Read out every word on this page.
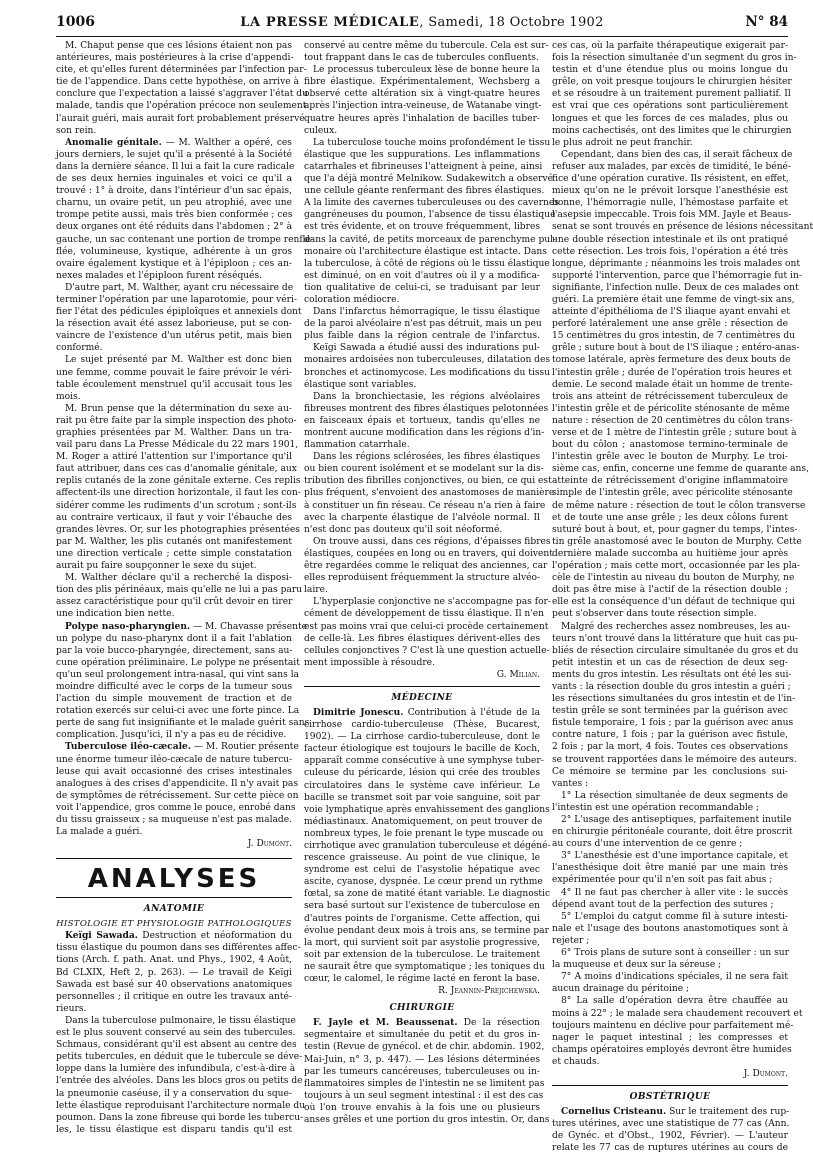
1006	LA PRESSE MÉDICALE, Samedi, 18 Octobre 1902	N° 84
M. Chaput pense que ces lésions étaient non pas
antérieures, mais postérieures à la crise d'appendi-
cite, et qu'elles furent déterminées par l'infection par-
tie de l'appendice. Dans cette hypothèse, on arrive à
conclure que l'expectation a laissé s'aggraver l'état du
malade, tandis que l'opération précoce non seulement
l'aurait guéri, mais aurait fort probablement préservé
son rein.
Anomalie génitale. — M. Walther a opéré, ces
jours derniers, le sujet qu'il a présenté à la Société
dans la dernière séance. Il lui a fait la cure radicale
de ses deux hernies inguinales et voici ce qu'il a
trouvé : 1° à droite, dans l'intérieur d'un sac épais,
charnu, un ovaire petit, un peu atrophié, avec une
trompe petite aussi, mais très bien conformée ; ces
deux organes ont été réduits dans l'abdomen ; 2° à
gauche, un sac contenant une portion de trompe renfle-
flée, volumineuse, kystique, adhérente à un gros
ovaire également kystique et à l'épiploon ; ces an-
nexes malades et l'épiploon furent réséqués.
D'autre part, M. Walther, ayant cru nécessaire de
terminer l'opération par une laparotomie, pour véri-
fier l'état des pédicules épiploïques et annexiels dont
la résection avait été assez laborieuse, put se con-
vaincre de l'existence d'un utérus petit, mais bien
conformé.
Le sujet présenté par M. Walther est donc bien
une femme, comme pouvait le faire prévoir le véri-
table écoulement menstruel qu'il accusait tous les
mois.
M. Brun pense que la détermination du sexe au-
rait pu être faite par la simple inspection des photo-
graphies présentées par M. Walther. Dans un tra-
vail paru dans La Presse Médicale du 22 mars 1901,
M. Roger a attiré l'attention sur l'importance qu'il
faut attribuer, dans ces cas d'anomalie génitale, aux
replis cutanés de la zone génitale externe. Ces replis
affectent-ils une direction horizontale, il faut les con-
sidérer comme les rudiments d'un scrotum ; sont-ils
au contraire verticaux, il faut y voir l'ébauche des
grandes lèvres. Or, sur les photographies présentées
par M. Walther, les plis cutanés ont manifestement
une direction verticale ; cette simple constatation
aurait pu faire soupçonner le sexe du sujet.
M. Walther déclare qu'il a recherché la disposi-
tion des plis périnéaux, mais qu'elle ne lui a pas paru
assez caractéristique pour qu'il crût devoir en tirer
une indication bien nette.
Polype naso-pharyngien. — M. Chavasse présente
un polype du naso-pharynx dont il a fait l'ablation
par la voie bucco-pharyngée, directement, sans au-
cune opération préliminaire. Le polype ne présentait
qu'un seul prolongement intra-nasal, qui vint sans la
moindre difficulté avec le corps de la tumeur sous
l'action du simple mouvement de traction et de
rotation exercés sur celui-ci avec une forte pince. La
perte de sang fut insignifiante et le malade guérit sans
complication. Jusqu'ici, il n'y a pas eu de récidive.
Tuberculose iléo-cæcale. — M. Routier présente
une énorme tumeur iléo-cæcale de nature tubercu-
leuse qui avait occasionné des crises intestinales
analogues à des crises d'appendicite. Il n'y avait pas
de symptômes de rétrécissement. Sur cette pièce on
voit l'appendice, gros comme le pouce, enrobé dans
du tissu graisseux ; sa muqueuse n'est pas malade.
La malade a guéri.
J. Dumont.
ANALYSES
ANATOMIE
HISTOLOGIE ET PHYSIOLOGIE PATHOLOGIQUES
Keïgi Sawada. Destruction et néoformation du
tissu élastique du poumon dans ses différentes affec-
tions (Arch. f. path. Anat. und Phys., 1902, 4 Août,
Bd CLXIX, Heft 2, p. 263). — Le travail de Keïgi
Sawada est basé sur 40 observations anatomiques
personnelles ; il critique en outre les travaux anté-
rieurs.
Dans la tuberculose pulmonaire, le tissu élastique
est le plus souvent conservé au sein des tubercules.
Schmaus, considérant qu'il est absent au centre des
petits tubercules, en déduit que le tubercule se déve-
loppe dans la lumière des infundibula, c'est-à-dire à
l'entrée des alvéoles. Dans les blocs gros ou petits de
la pneumonie caséuse, il y a conservation du sque-
lette élastique reproduisant l'architecture normale du
poumon. Dans la zone fibreuse qui borde les tubercu-
les, le tissu élastique est disparu tandis qu'il est
conservé au centre même du tubercule. Cela est sur-
tout frappant dans le cas de tubercules confluents.
Le processus tuberculeux lèse de bonne heure la
fibre élastique. Expérimentalement, Wechsberg a
observé cette altération six à vingt-quatre heures
après l'injection intra-veineuse, de Watanabe vingt-
quatre heures après l'inhalation de bacilles tuber-
culeux.
La tuberculose touche moins profondément le tissu
élastique que les suppurations. Les inflammations
catarrhales et fibrineuses l'atteignent à peine, ainsi
que l'a déjà montré Melnikow. Sudakewitch a observé
une cellule géante renfermant des fibres élastiques.
A la limite des cavernes tuberculeuses ou des cavernes
gangréneuses du poumon, l'absence de tissu élastique
est très évidente, et on trouve fréquemment, libres
dans la cavité, de petits morceaux de parenchyme pul-
monaire où l'architecture élastique est intacte. Dans
la tuberculose, à côté de régions où le tissu élastique
est diminué, on en voit d'autres où il y a modifica-
tion qualitative de celui-ci, se traduisant par leur
coloration médiocre.
Dans l'infarctus hémorragique, le tissu élastique
de la paroi alvéolaire n'est pas détruit, mais un peu
plus faible dans la région centrale de l'infarctus.
Keïgi Sawada a étudié aussi des indurations pul-
monaires ardoisées non tuberculeuses, dilatation des
bronches et actinomycose. Les modifications du tissu
élastique sont variables.
Dans la bronchiectasie, les régions alvéolaires
fibreuses montrent des fibres élastiques pelotonnées
en faisceaux épais et tortueux, tandis qu'elles ne
montrent aucune modification dans les régions d'in-
flammation catarrhale.
Dans les régions sclérosées, les fibres élastiques
ou bien courent isolément et se modelant sur la dis-
tribution des fibrilles conjonctives, ou bien, ce qui est
plus fréquent, s'envoient des anastomoses de manière
à constituer un fin réseau. Ce réseau n'a rien à faire
avec la charpente élastique de l'alvéole normal. Il
n'est donc pas douteux qu'il soit néoformé.
On trouve aussi, dans ces régions, d'épaisses fibres
élastiques, coupées en long ou en travers, qui doivent
être regardées comme le reliquat des anciennes, car
elles reproduisent fréquemment la structure alvéo-
laire.
L'hyperplasie conjonctive ne s'accompagne pas for-
cément de développement de tissu élastique. Il n'en
est pas moins vrai que celui-ci procède certainement
de celle-là. Les fibres élastiques dérivent-elles des
cellules conjonctives ? C'est là une question actuelle-
ment impossible à résoudre.
G. Milian.
MÉDECINE
Dimitrie Jonescu. Contribution à l'étude de la
cirrhose cardio-tuberculeuse (Thèse, Bucarest,
1902). — La cirrhose cardio-tuberculeuse, dont le
facteur étiologique est toujours le bacille de Koch,
apparaît comme consécutive à une symphyse tuber-
culeuse du péricarde, lésion qui crée des troubles
circulatoires dans le système cave inférieur. Le
bacille se transmet soit par voie sanguine, soit par
voie lymphatique après envahissement des ganglions
médiastinaux. Anatomiquement, on peut trouver de
nombreux types, le foie prenant le type muscade ou
cirrhotique avec granulation tuberculeuse et dégéné-
rescence graisseuse. Au point de vue clinique, le
syndrome est celui de l'asystolie hépatique avec
ascite, cyanose, dyspnée. Le cœur prend un rythme
fœtal, sa zone de matité étant variable. Le diagnostic
sera basé surtout sur l'existence de tuberculose en
d'autres points de l'organisme. Cette affection, qui
évolue pendant deux mois à trois ans, se termine par
la mort, qui survient soit par asystolie progressive,
soit par extension de la tuberculose. Le traitement
ne saurait être que symptomatique ; les toniques du
cœur, le calomel, le régime lacté en feront la base.
R. Jeannin-Prejichewska.
CHIRURGIE
F. Jayle et M. Beaussenat. De la résection
segmentaire et simultanée du petit et du gros in-
testin (Revue de gynécol. et de chir. abdomin. 1902,
Mai-Juin, n° 3, p. 447). — Les lésions déterminées
par les tumeurs cancéreuses, tuberculeuses ou in-
flammatoires simples de l'intestin ne se limitent pas
toujours à un seul segment intestinal : il est des cas
où l'on trouve envahis à la fois une ou plusieurs
anses grêles et une portion du gros intestin. Or, dans
ces cas, où la parfaite thérapeutique exigerait par-
fois la résection simultanée d'un segment du gros in-
testin et d'une étendue plus ou moins longue du
grêle, on voit presque toujours le chirurgien hésiter
et se résoudre à un traitement purement palliatif. Il
est vrai que ces opérations sont particulièrement
longues et que les forces de ces malades, plus ou
moins cachectisés, ont des limites que le chirurgien
le plus adroit ne peut franchir.
Cependant, dans bien des cas, il serait fâcheux de
refuser aux malades, par excès de timidité, le béné-
fice d'une opération curative. Ils résistent, en effet,
mieux qu'on ne le prévoit lorsque l'anesthésie est
bonne, l'hémorragie nulle, l'hémostase parfaite et
l'asepsie impeccable. Trois fois MM. Jayle et Beaus-
senat se sont trouvés en présence de lésions nécessitant
une double résection intestinale et ils ont pratiqué
cette résection. Les trois fois, l'opération a été très
longue, déprimante ; néanmoins les trois malades ont
supporté l'intervention, parce que l'hémorragie fut in-
signifiante, l'infection nulle. Deux de ces malades ont
guéri. La première était une femme de vingt-six ans,
atteinte d'épithélioma de l'S iliaque ayant envahi et
perforé latéralement une anse grêle : résection de
15 centimètres du gros intestin, de 7 centimètres du
grêle ; suture bout à bout de l'S iliaque ; entéro-anas-
tomose latérale, après fermeture des deux bouts de
l'intestin grêle ; durée de l'opération trois heures et
demie. Le second malade était un homme de trente-
trois ans atteint de rétrécissement tuberculeux de
l'intestin grêle et de péricolite sténosante de même
nature : résection de 20 centimètres du côlon trans-
verse et de 1 mètre de l'intestin grêle ; suture bout à
bout du côlon ; anastomose termino-terminale de
l'intestin grêle avec le bouton de Murphy. Le troi-
sième cas, enfin, concerne une femme de quarante ans,
atteinte de rétrécissement d'origine inflammatoire
simple de l'intestin grêle, avec péricolite sténosante
de même nature : résection de tout le côlon transverse
et de toute une anse grêle ; les deux côlons furent
suturé bout à bout, et, pour gagner du temps, l'intes-
tin grêle anastomosé avec le bouton de Murphy. Cette
dernière malade succomba au huitième jour après
l'opération ; mais cette mort, occasionnée par les pla-
cèle de l'intestin au niveau du bouton de Murphy, ne
doit pas être mise à l'actif de la résection double ;
elle est la conséquence d'un défaut de technique qui
peut s'observer dans toute résection simple.
Malgré des recherches assez nombreuses, les au-
teurs n'ont trouvé dans la littérature que huit cas pu-
bliés de résection circulaire simultanée du gros et du
petit intestin et un cas de résection de deux seg-
ments du gros intestin. Les résultats ont été les sui-
vants : la résection double du gros intestin a guéri ;
les résections simultanées du gros intestin et de l'in-
testin grêle se sont terminées par la guérison avec
fistule temporaire, 1 fois ; par la guérison avec anus
contre nature, 1 fois ; par la guérison avec fistule,
2 fois ; par la mort, 4 fois. Toutes ces observations
se trouvent rapportées dans le mémoire des auteurs.
Ce mémoire se termine par les conclusions sui-
vantes :
1° La résection simultanée de deux segments de
l'intestin est une opération recommandable ;
2° L'usage des antiseptiques, parfaitement inutile
en chirurgie péritonéale courante, doit être proscrit
au cours d'une intervention de ce genre ;
3° L'anesthésie est d'une importance capitale, et
l'anesthésique doit être manié par une main très
expérimentée pour qu'il n'en soit pas fait abus ;
4° Il ne faut pas chercher à aller vite : le succès
dépend avant tout de la perfection des sutures ;
5° L'emploi du catgut comme fil à suture intesti-
nale et l'usage des boutons anastomotiques sont à
rejeter ;
6° Trois plans de suture sont à conseiller : un sur
la muqueuse et deux sur la séreuse ;
7° A moins d'indications spéciales, il ne sera fait
aucun drainage du péritoine ;
8° La salle d'opération devra être chauffée au
moins à 22° ; le malade sera chaudement recouvert et
toujours maintenu en déclive pour parfaitement mé-
nager le paquet intestinal ; les compresses et
champs opératoires employés devront être humides
et chauds.
J. Dumont.
OBSTÉTRIQUE
Cornelius Cristeanu. Sur le traitement des rup-
tures utérines, avec une statistique de 77 cas (Ann.
de Gynéc. et d'Obst., 1902, Février). — L'auteur
relate les 77 cas de ruptures utérines au cours de
